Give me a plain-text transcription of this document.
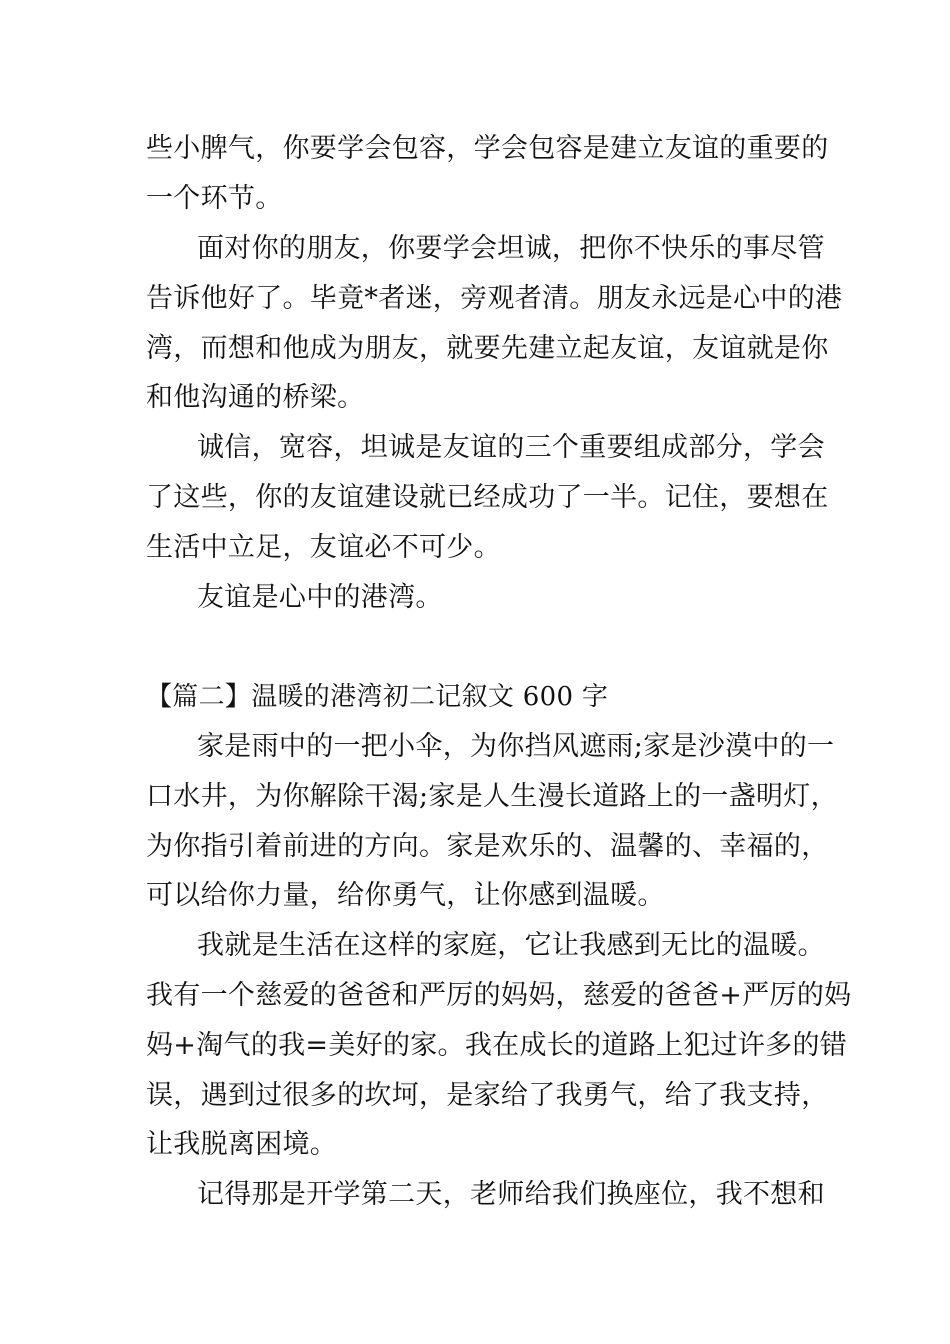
些小脾气，你要学会包容，学会包容是建立友谊的重要的
一个环节。
面对你的朋友，你要学会坦诚，把你不快乐的事尽管
告诉他好了。毕竟*者迷，旁观者清。朋友永远是心中的港
湾，而想和他成为朋友，就要先建立起友谊，友谊就是你
和他沟通的桥梁。
诚信，宽容，坦诚是友谊的三个重要组成部分，学会
了这些，你的友谊建设就已经成功了一半。记住，要想在
生活中立足，友谊必不可少。
友谊是心中的港湾。
【篇二】温暖的港湾初二记叙文 600 字
家是雨中的一把小伞，为你挡风遮雨;家是沙漠中的一
口水井，为你解除干渴;家是人生漫长道路上的一盏明灯，
为你指引着前进的方向。家是欢乐的、温馨的、幸福的，
可以给你力量，给你勇气，让你感到温暖。
我就是生活在这样的家庭，它让我感到无比的温暖。
我有一个慈爱的爸爸和严厉的妈妈，慈爱的爸爸+严厉的妈
妈+淘气的我=美好的家。我在成长的道路上犯过许多的错
误，遇到过很多的坎坷，是家给了我勇气，给了我支持，
让我脱离困境。
记得那是开学第二天，老师给我们换座位，我不想和
